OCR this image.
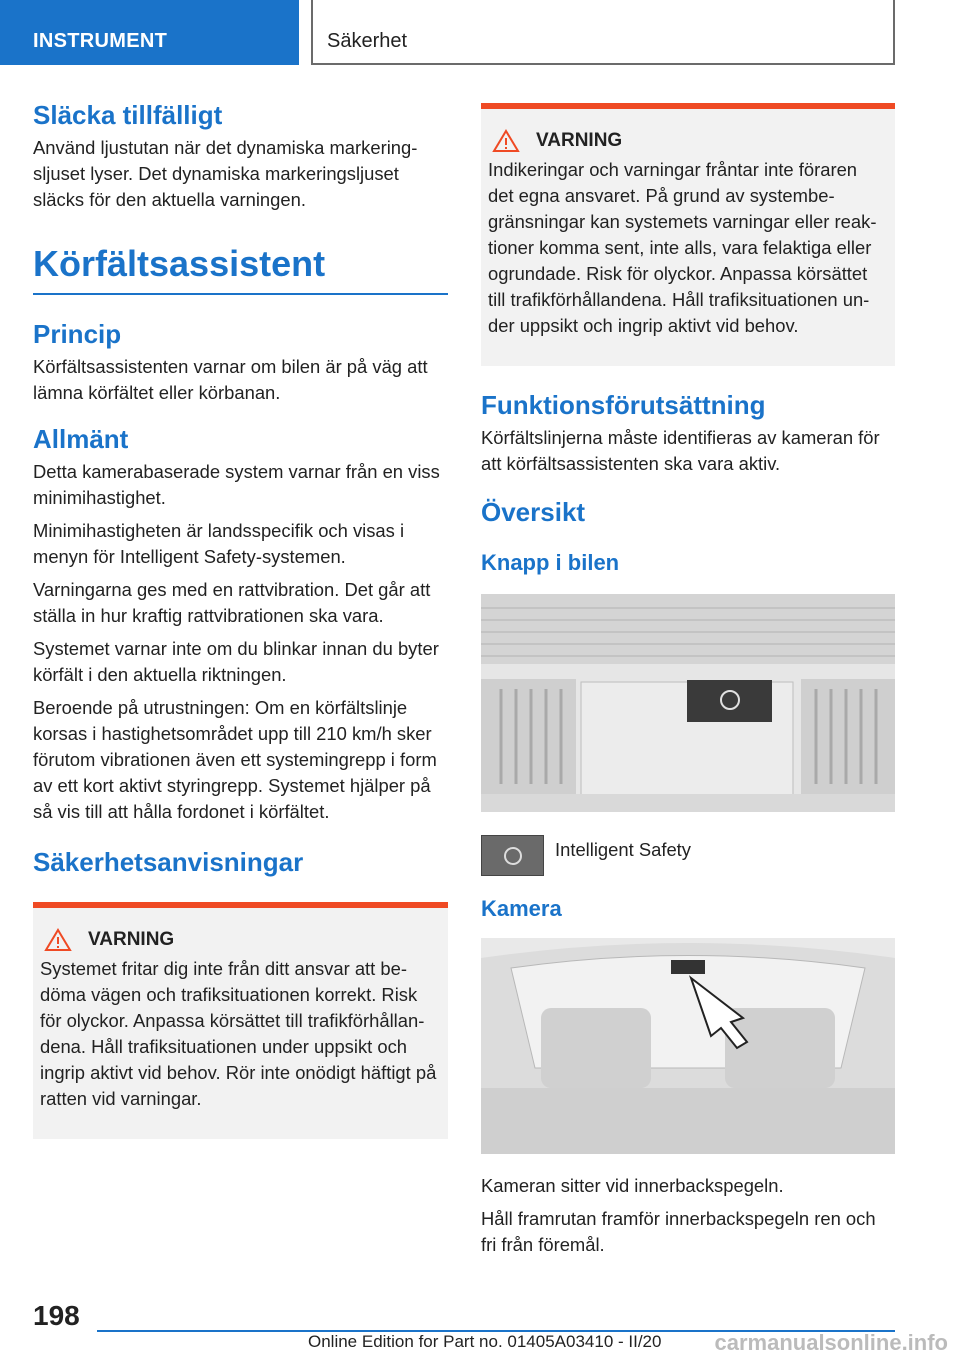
INSTRUMENT	Säkerhet
Släcka tillfälligt

Använd ljustutan när det dynamiska markeringsljuset lyser. Det dynamiska markeringsljuset släcks för den aktuella varningen.

Körfältsassistent
Princip

Körfältsassistenten varnar om bilen är på väg att lämna körfältet eller körbanan.

Allmänt

Detta kamerabaserade system varnar från en viss minimihastighet.

Minimihastigheten är landsspecifik och visas i menyn för Intelligent Safety-systemen.

Varningarna ges med en rattvibration. Det går att ställa in hur kraftig rattvibrationen ska vara.

Systemet varnar inte om du blinkar innan du byter körfält i den aktuella riktningen.

Beroende på utrustningen: Om en körfältslinje korsas i hastighetsområdet upp till 210 km/h sker förutom vibrationen även ett systemingrepp i form av ett kort aktivt styringrepp. Systemet hjälper på så vis till att hålla fordonet i körfältet.

Säkerhetsanvisningar
VARNING

Systemet fritar dig inte från ditt ansvar att bedöma vägen och trafiksituationen korrekt. Risk för olyckor. Anpassa körsättet till trafikförhållandena. Håll trafiksituationen under uppsikt och ingrip aktivt vid behov. Rör inte onödigt häftigt på ratten vid varningar.

VARNING

Indikeringar och varningar fråntar inte föraren det egna ansvaret. På grund av systembegränsningar kan systemets varningar eller reaktioner komma sent, inte alls, vara felaktiga eller ogrundade. Risk för olyckor. Anpassa körsättet till trafikförhållandena. Håll trafiksituationen under uppsikt och ingrip aktivt vid behov.

Funktionsförutsättning

Körfältslinjerna måste identifieras av kameran för att körfältsassistenten ska vara aktiv.

Översikt
Knapp i bilen

Intelligent Safety

Kamera

Kameran sitter vid innerbackspegeln.

Håll framrutan framför innerbackspegeln ren och fri från föremål.

198
Online Edition for Part no. 01405A03410 - II/20 carmanualsonline.info
